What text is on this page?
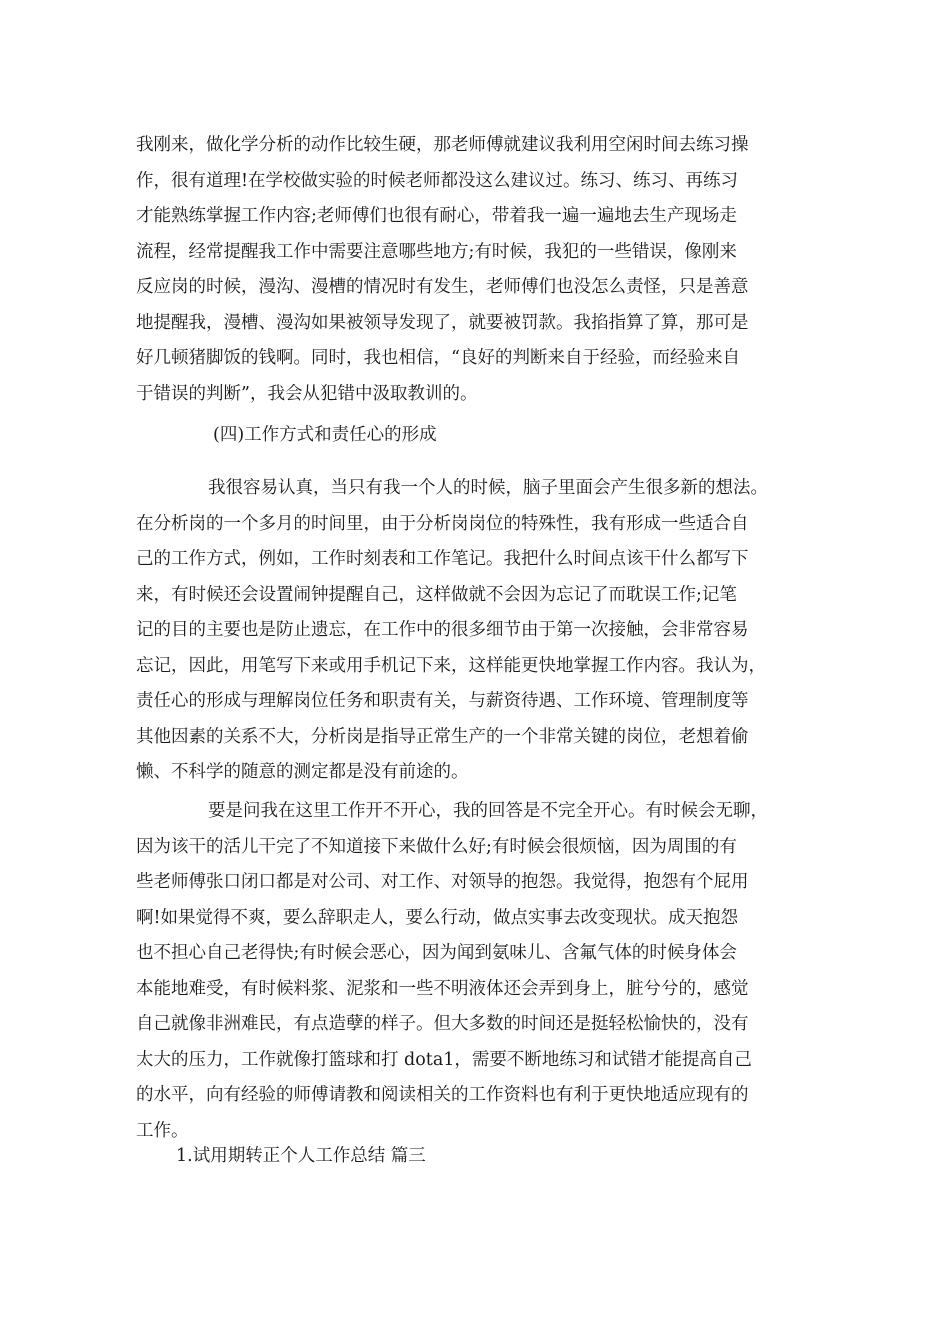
我刚来，做化学分析的动作比较生硬，那老师傅就建议我利用空闲时间去练习操
作，很有道理!在学校做实验的时候老师都没这么建议过。练习、练习、再练习
才能熟练掌握工作内容;老师傅们也很有耐心，带着我一遍一遍地去生产现场走
流程，经常提醒我工作中需要注意哪些地方;有时候，我犯的一些错误，像刚来
反应岗的时候，漫沟、漫槽的情况时有发生，老师傅们也没怎么责怪，只是善意
地提醒我，漫槽、漫沟如果被领导发现了，就要被罚款。我掐指算了算，那可是
好几顿猪脚饭的钱啊。同时，我也相信，“良好的判断来自于经验，而经验来自
于错误的判断”，我会从犯错中汲取教训的。

(四)工作方式和责任心的形成

我很容易认真，当只有我一个人的时候，脑子里面会产生很多新的想法。
在分析岗的一个多月的时间里，由于分析岗岗位的特殊性，我有形成一些适合自
己的工作方式，例如，工作时刻表和工作笔记。我把什么时间点该干什么都写下
来，有时候还会设置闹钟提醒自己，这样做就不会因为忘记了而耽误工作;记笔
记的目的主要也是防止遗忘，在工作中的很多细节由于第一次接触，会非常容易
忘记，因此，用笔写下来或用手机记下来，这样能更快地掌握工作内容。我认为，
责任心的形成与理解岗位任务和职责有关，与薪资待遇、工作环境、管理制度等
其他因素的关系不大，分析岗是指导正常生产的一个非常关键的岗位，老想着偷
懒、不科学的随意的测定都是没有前途的。
要是问我在这里工作开不开心，我的回答是不完全开心。有时候会无聊，
因为该干的活儿干完了不知道接下来做什么好;有时候会很烦恼，因为周围的有
些老师傅张口闭口都是对公司、对工作、对领导的抱怨。我觉得，抱怨有个屁用
啊!如果觉得不爽，要么辞职走人，要么行动，做点实事去改变现状。成天抱怨
也不担心自己老得快;有时候会恶心，因为闻到氨味儿、含氟气体的时候身体会
本能地难受，有时候料浆、泥浆和一些不明液体还会弄到身上，脏兮兮的，感觉
自己就像非洲难民，有点造孽的样子。但大多数的时间还是挺轻松愉快的，没有
太大的压力，工作就像打篮球和打 dota1，需要不断地练习和试错才能提高自己
的水平，向有经验的师傅请教和阅读相关的工作资料也有利于更快地适应现有的
工作。

1.试用期转正个人工作总结 篇三
